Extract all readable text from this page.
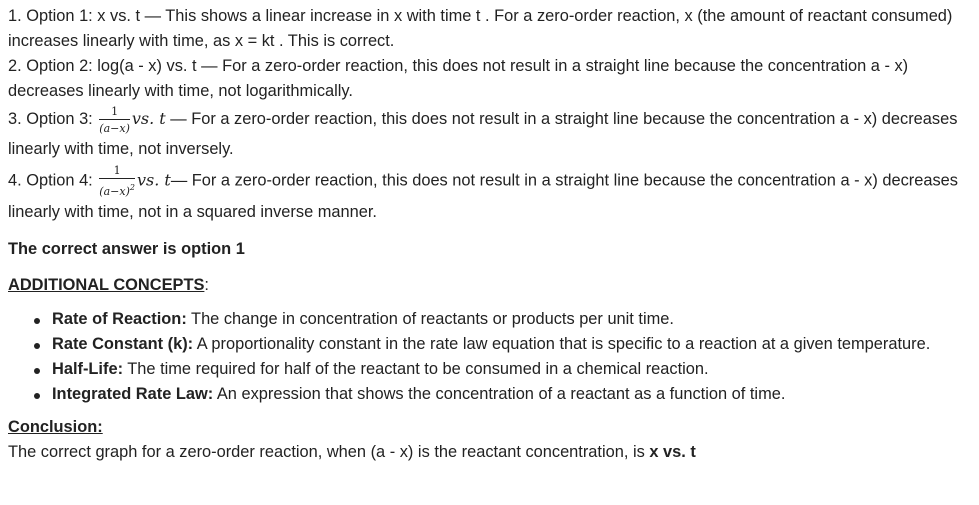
1. Option 1: x vs. t — This shows a linear increase in x with time t . For a zero-order reaction, x (the amount of reactant consumed) increases linearly with time, as x = kt . This is correct.

2. Option 2: log(a - x) vs. t — For a zero-order reaction, this does not result in a straight line because the concentration a - x) decreases linearly with time, not logarithmically.

3. Option 3: $\frac{1}{(a-x)}$ vs. t — For a zero-order reaction, this does not result in a straight line because the concentration a - x) decreases linearly with time, not inversely.

4. Option 4: $\frac{1}{(a-x)^2}$ vs. t— For a zero-order reaction, this does not result in a straight line because the concentration a - x) decreases linearly with time, not in a squared inverse manner.

The correct answer is option 1

ADDITIONAL CONCEPTS:

Rate of Reaction: The change in concentration of reactants or products per unit time.
Rate Constant (k): A proportionality constant in the rate law equation that is specific to a reaction at a given temperature.
Half-Life: The time required for half of the reactant to be consumed in a chemical reaction.
Integrated Rate Law: An expression that shows the concentration of a reactant as a function of time.

Conclusion:

The correct graph for a zero-order reaction, when (a - x) is the reactant concentration, is x vs. t
